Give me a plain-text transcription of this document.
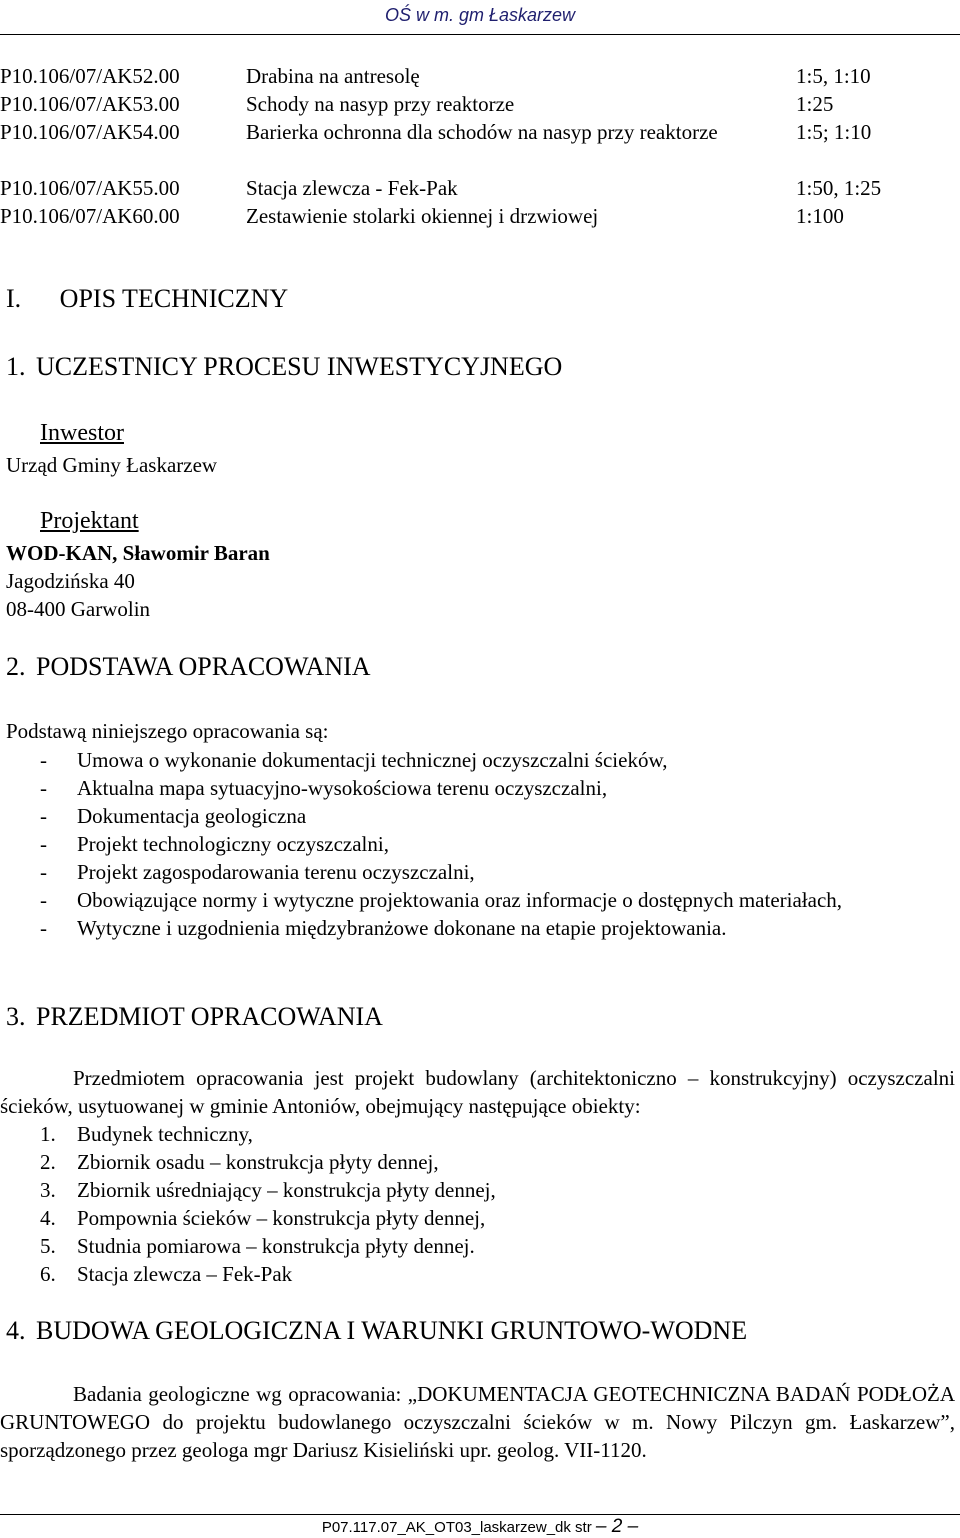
OŚ w m. gm Łaskarzew
P10.106/07/AK52.00	Drabina na antresolę	1:5, 1:10
P10.106/07/AK53.00	Schody na nasyp przy reaktorze	1:25
P10.106/07/AK54.00	Barierka ochronna dla schodów na nasyp przy reaktorze	1:5; 1:10
P10.106/07/AK55.00	Stacja zlewcza - Fek-Pak	1:50, 1:25
P10.106/07/AK60.00	Zestawienie stolarki okiennej i drzwiowej	1:100
I. OPIS TECHNICZNY
1. UCZESTNICY PROCESU INWESTYCYJNEGO
Inwestor
Urząd Gminy Łaskarzew
Projektant
WOD-KAN, Sławomir Baran
Jagodzińska 40
08-400 Garwolin
2. PODSTAWA OPRACOWANIA
Podstawą niniejszego opracowania są:
- Umowa o wykonanie dokumentacji technicznej oczyszczalni ścieków,
- Aktualna mapa sytuacyjno-wysokościowa terenu oczyszczalni,
- Dokumentacja geologiczna
- Projekt technologiczny oczyszczalni,
- Projekt zagospodarowania terenu oczyszczalni,
- Obowiązujące normy i wytyczne projektowania oraz informacje o dostępnych materiałach,
- Wytyczne i uzgodnienia międzybranżowe dokonane na etapie projektowania.
3. PRZEDMIOT OPRACOWANIA
Przedmiotem opracowania jest projekt budowlany (architektoniczno – konstrukcyjny) oczyszczalni ścieków, usytuowanej w gminie Antoniów, obejmujący następujące obiekty:
1. Budynek techniczny,
2. Zbiornik osadu – konstrukcja płyty dennej,
3. Zbiornik uśredniający – konstrukcja płyty dennej,
4. Pompownia ścieków – konstrukcja płyty dennej,
5. Studnia pomiarowa – konstrukcja płyty dennej.
6. Stacja zlewcza – Fek-Pak
4. BUDOWA GEOLOGICZNA I WARUNKI GRUNTOWO-WODNE
Badania geologiczne wg opracowania: „DOKUMENTACJA GEOTECHNICZNA BADAŃ PODŁOŻA GRUNTOWEGO do projektu budowlanego oczyszczalni ścieków w m. Nowy Pilczyn gm. Łaskarzew”, sporządzonego przez geologa mgr Dariusz Kisieliński upr. geolog. VII-1120.
P07.117.07_AK_OT03_laskarzew_dk str – 2 –
